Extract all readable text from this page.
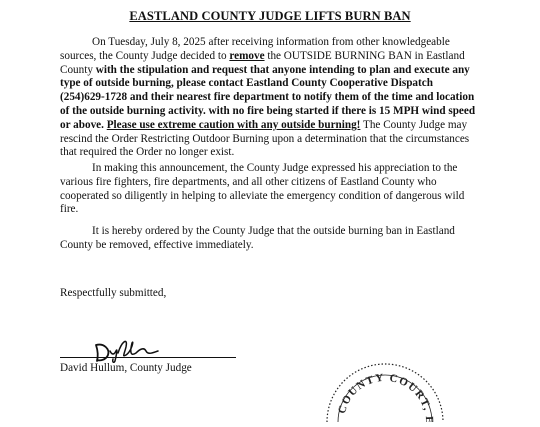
EASTLAND COUNTY JUDGE LIFTS BURN BAN

On Tuesday, July 8, 2025 after receiving information from other knowledgeable sources, the County Judge decided to remove the OUTSIDE BURNING BAN in Eastland County with the stipulation and request that anyone intending to plan and execute any type of outside burning, please contact Eastland County Cooperative Dispatch (254)629-1728 and their nearest fire department to notify them of the time and location of the outside burning activity. with no fire being started if there is 15 MPH wind speed or above. Please use extreme caution with any outside burning! The County Judge may rescind the Order Restricting Outdoor Burning upon a determination that the circumstances that required the Order no longer exist.

In making this announcement, the County Judge expressed his appreciation to the various fire fighters, fire departments, and all other citizens of Eastland County who cooperated so diligently in helping to alleviate the emergency condition of dangerous wild fire.

It is hereby ordered by the County Judge that the outside burning ban in Eastland County be removed, effective immediately.

Respectfully submitted,
David Hullum, County Judge
COUNTY COURT, E
